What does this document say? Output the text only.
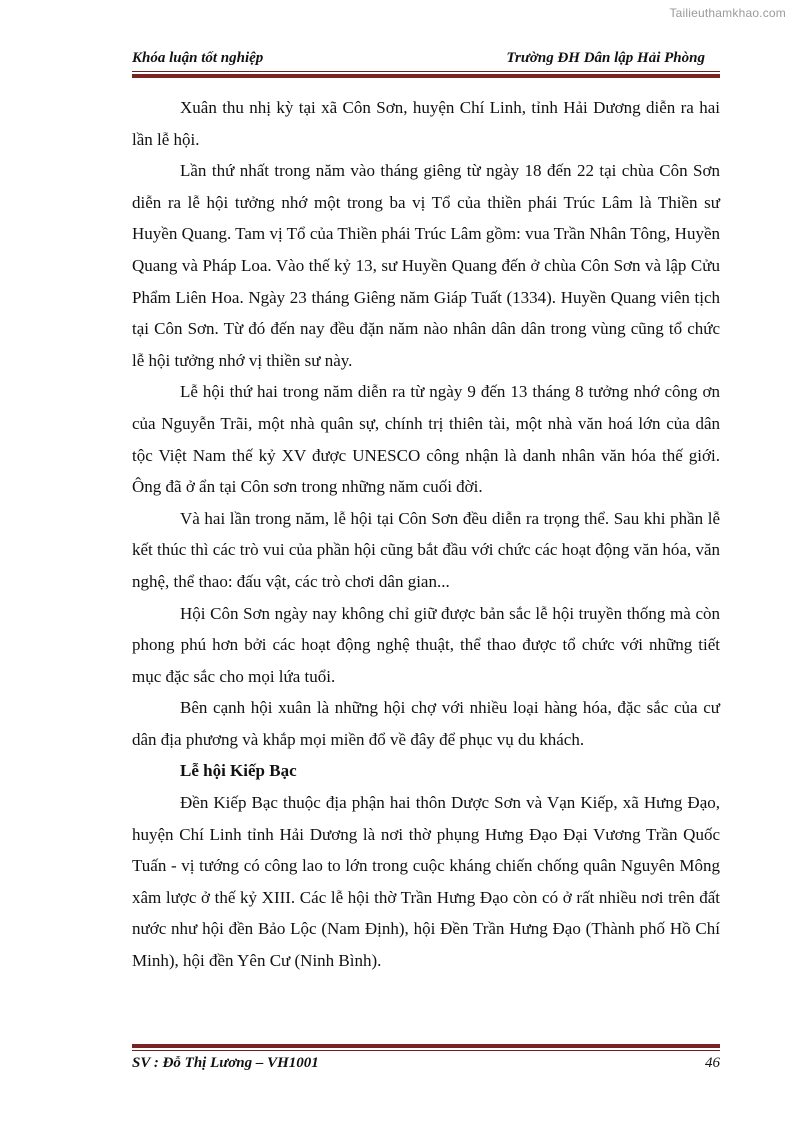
Tailieuthamkhao.com
Khóa luận tốt nghiệp	Trường ĐH Dân lập Hải Phòng

Xuân thu nhị kỳ tại xã Côn Sơn, huyện Chí Linh, tỉnh Hải Dương diễn ra hai lần lễ hội.

Lần thứ nhất trong năm vào tháng giêng từ ngày 18 đến 22 tại chùa Côn Sơn diễn ra lễ hội tưởng nhớ một trong ba vị Tổ của thiền phái Trúc Lâm là Thiền sư Huyền Quang. Tam vị Tổ của Thiền phái Trúc Lâm gồm: vua Trần Nhân Tông, Huyền Quang và Pháp Loa. Vào thế kỷ 13, sư Huyền Quang đến ở chùa Côn Sơn và lập Cửu Phẩm Liên Hoa. Ngày 23 tháng Giêng năm Giáp Tuất (1334). Huyền Quang viên tịch tại Côn Sơn. Từ đó đến nay đều đặn năm nào nhân dân dân trong vùng cũng tổ chức lễ hội tưởng nhớ vị thiền sư này.

Lễ hội thứ hai trong năm diễn ra từ ngày 9 đến 13 tháng 8 tưởng nhớ công ơn của Nguyễn Trãi, một nhà quân sự, chính trị thiên tài, một nhà văn hoá lớn của dân tộc Việt Nam thế kỷ XV được UNESCO công nhận là danh nhân văn hóa thế giới. Ông đã ở ẩn tại Côn sơn trong những năm cuối đời.

Và hai lần trong năm, lễ hội tại Côn Sơn đều diễn ra trọng thể. Sau khi phần lễ kết thúc thì các trò vui của phần hội cũng bắt đầu với chức các hoạt động văn hóa, văn nghệ, thể thao: đấu vật, các trò chơi dân gian...

Hội Côn Sơn ngày nay không chỉ giữ được bản sắc lễ hội truyền thống mà còn phong phú hơn bởi các hoạt động nghệ thuật, thể thao được tổ chức với những tiết mục đặc sắc cho mọi lứa tuổi.

Bên cạnh hội xuân là những hội chợ với nhiều loại hàng hóa, đặc sắc của cư dân địa phương và khắp mọi miền đổ về đây để phục vụ du khách.

Lễ hội Kiếp Bạc

Đền Kiếp Bạc thuộc địa phận hai thôn Dược Sơn và Vạn Kiếp, xã Hưng Đạo, huyện Chí Linh tỉnh Hải Dương là nơi thờ phụng Hưng Đạo Đại Vương Trần Quốc Tuấn - vị tướng có công lao to lớn trong cuộc kháng chiến chống quân Nguyên Mông xâm lược ở thế kỷ XIII. Các lễ hội thờ Trần Hưng Đạo còn có ở rất nhiều nơi trên đất nước như hội đền Bảo Lộc (Nam Định), hội Đền Trần Hưng Đạo (Thành phố Hồ Chí Minh), hội đền Yên Cư (Ninh Bình).

SV : Đỗ Thị Lương – VH1001	46
